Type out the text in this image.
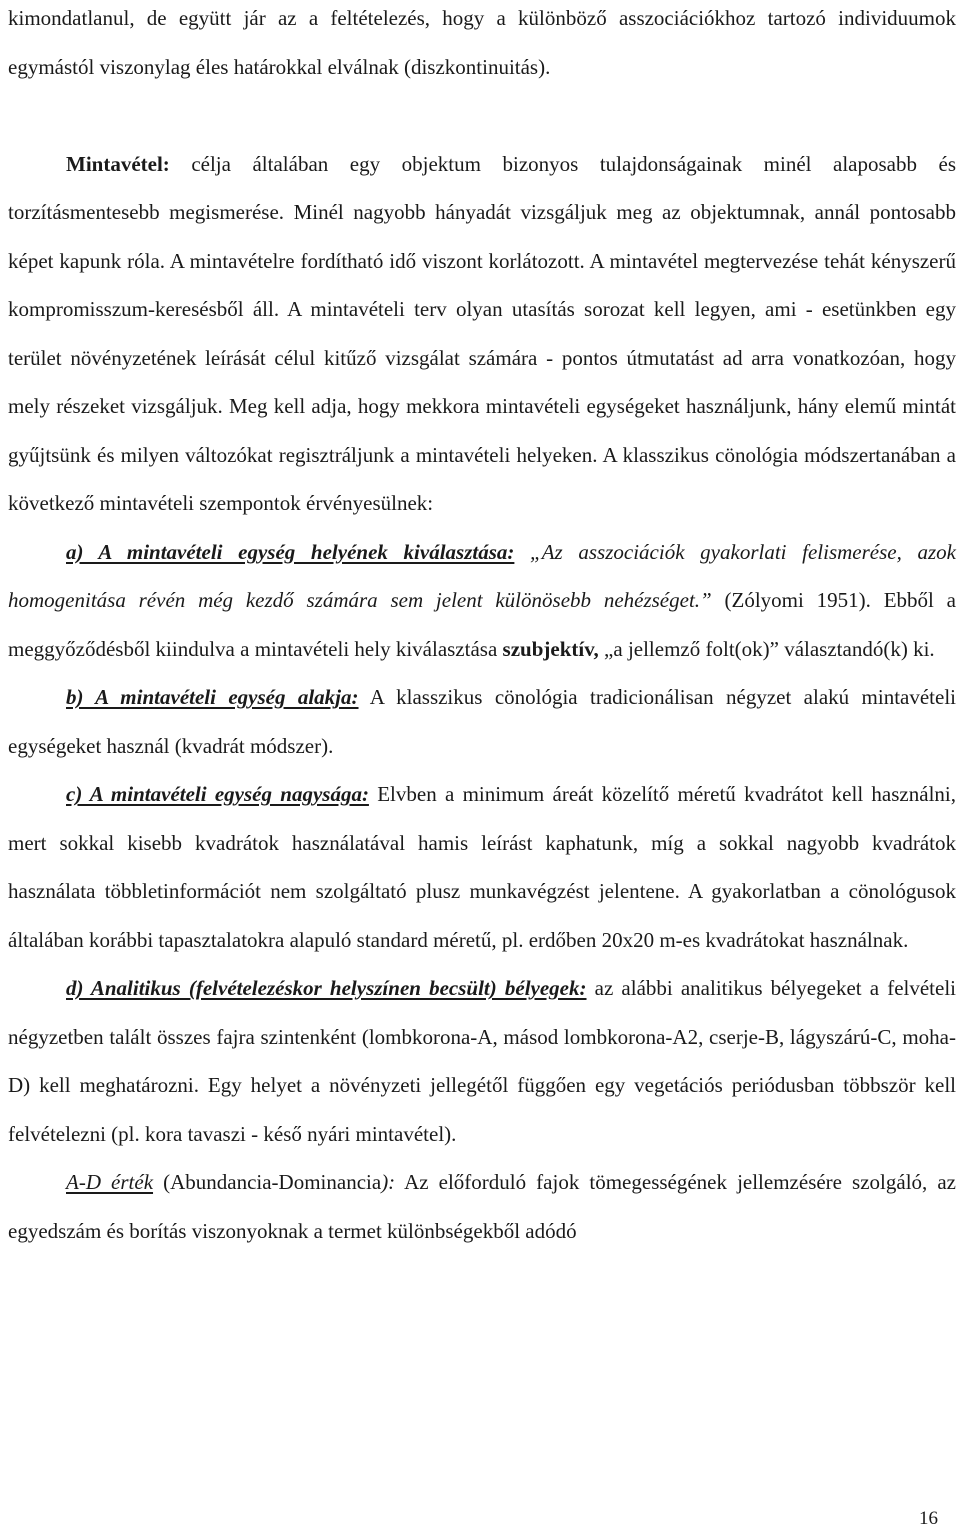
kimondatlanul, de együtt jár az a feltételezés, hogy a különböző asszociációkhoz tartozó individuumok egymástól viszonylag éles határokkal elválnak (diszkontinuitás).

Mintavétel: célja általában egy objektum bizonyos tulajdonságainak minél alaposabb és torzításmentesebb megismerése. Minél nagyobb hányadát vizsgáljuk meg az objektumnak, annál pontosabb képet kapunk róla. A mintavételre fordítható idő viszont korlátozott. A mintavétel megtervezése tehát kényszerű kompromisszum-keresésből áll. A mintavételi terv olyan utasítás sorozat kell legyen, ami - esetünkben egy terület növényzetének leírását célul kitűző vizsgálat számára - pontos útmutatást ad arra vonatkozóan, hogy mely részeket vizsgáljuk. Meg kell adja, hogy mekkora mintavételi egységeket használjunk, hány elemű mintát gyűjtsünk és milyen változókat regisztráljunk a mintavételi helyeken. A klasszikus cönológia módszertanában a következő mintavételi szempontok érvényesülnek:

a) A mintavételi egység helyének kiválasztása: „Az asszociációk gyakorlati felismerése, azok homogenitása révén még kezdő számára sem jelent különösebb nehézséget.” (Zólyomi 1951). Ebből a meggyőződésből kiindulva a mintavételi hely kiválasztása szubjektív, „a jellemző folt(ok)” választandó(k) ki.

b) A mintavételi egység alakja: A klasszikus cönológia tradicionálisan négyzet alakú mintavételi egységeket használ (kvadrát módszer).

c) A mintavételi egység nagysága: Elvben a minimum áreát közelítő méretű kvadrátot kell használni, mert sokkal kisebb kvadrátok használatával hamis leírást kaphatunk, míg a sokkal nagyobb kvadrátok használata többletinformációt nem szolgáltató plusz munkavégzést jelentene. A gyakorlatban a cönológusok általában korábbi tapasztalatokra alapuló standard méretű, pl. erdőben 20x20 m-es kvadrátokat használnak.

d) Analitikus (felvételezéskor helyszínen becsült) bélyegek: az alábbi analitikus bélyegeket a felvételi négyzetben talált összes fajra szintenként (lombkorona-A, másod lombkorona-A2, cserje-B, lágyszárú-C, moha-D) kell meghatározni. Egy helyet a növényzeti jellegétől függően egy vegetációs periódusban többször kell felvételezni (pl. kora tavaszi - késő nyári mintavétel).

A-D érték (Abundancia-Dominancia): Az előforduló fajok tömegességének jellemzésére szolgáló, az egyedszám és borítás viszonyoknak a termet különbségekből adódó

16
